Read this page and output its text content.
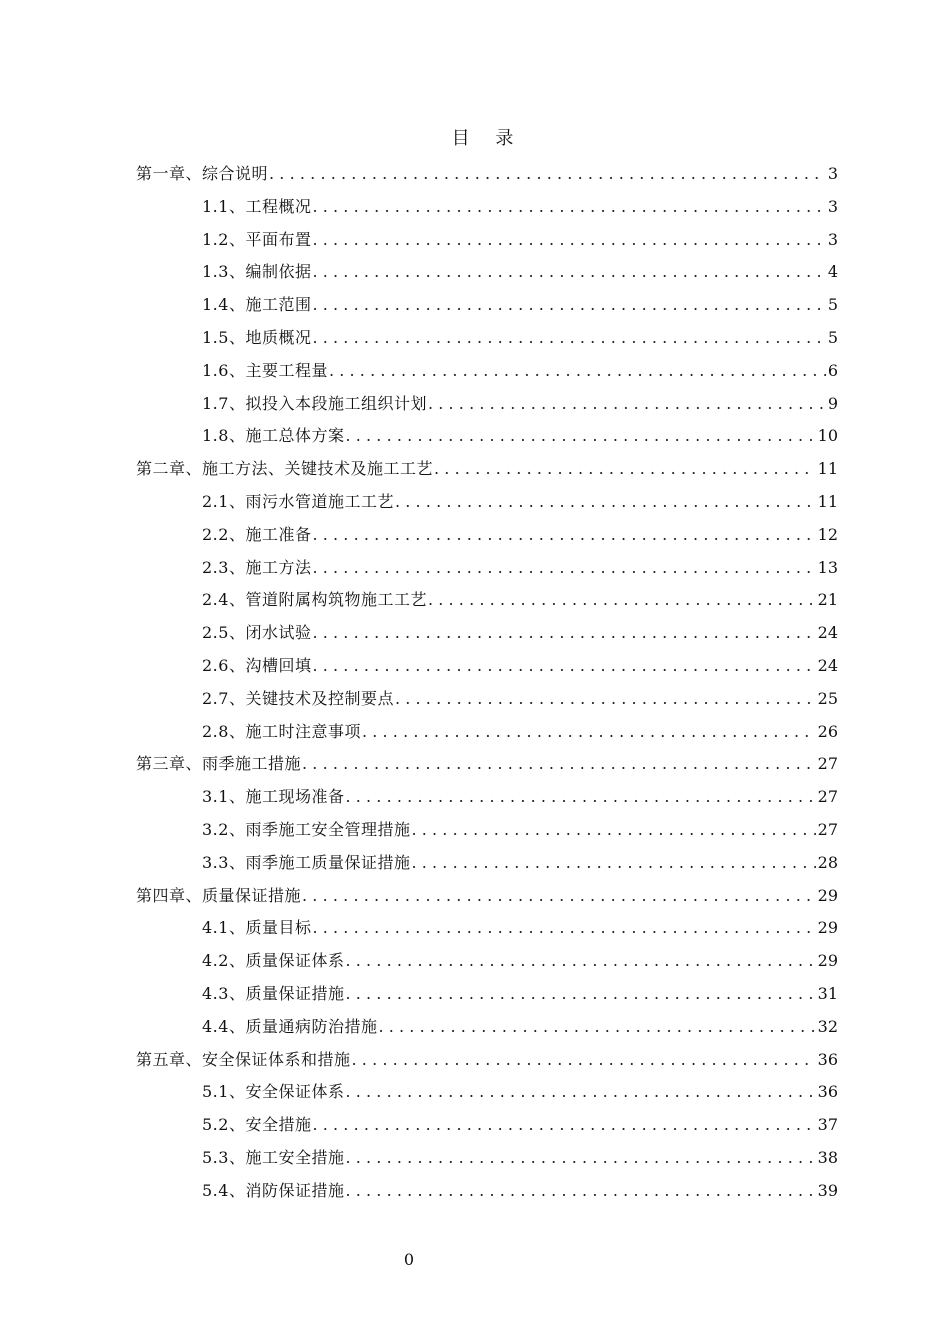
目 录
第一章、综合说明 .....	3
1.1、工程概况 .....	3
1.2、平面布置 .....	3
1.3、编制依据 .....	4
1.4、施工范围 .....	5
1.5、地质概况 .....	5
1.6、主要工程量 .....	6
1.7、拟投入本段施工组织计划 .....	9
1.8、施工总体方案 .....	10
第二章、施工方法、关键技术及施工工艺 .....	11
2.1、雨污水管道施工工艺 .....	11
2.2、施工准备 .....	12
2.3、施工方法 .....	13
2.4、管道附属构筑物施工工艺 .....	21
2.5、闭水试验 .....	24
2.6、沟槽回填 .....	24
2.7、关键技术及控制要点 .....	25
2.8、施工时注意事项 .....	26
第三章、雨季施工措施 .....	27
3.1、施工现场准备 .....	27
3.2、雨季施工安全管理措施 .....	27
3.3、雨季施工质量保证措施 .....	28
第四章、质量保证措施 .....	29
4.1、质量目标 .....	29
4.2、质量保证体系 .....	29
4.3、质量保证措施 .....	31
4.4、质量通病防治措施 .....	32
第五章、安全保证体系和措施 .....	36
5.1、安全保证体系 .....	36
5.2、安全措施 .....	37
5.3、施工安全措施 .....	38
5.4、消防保证措施 .....	39
0
